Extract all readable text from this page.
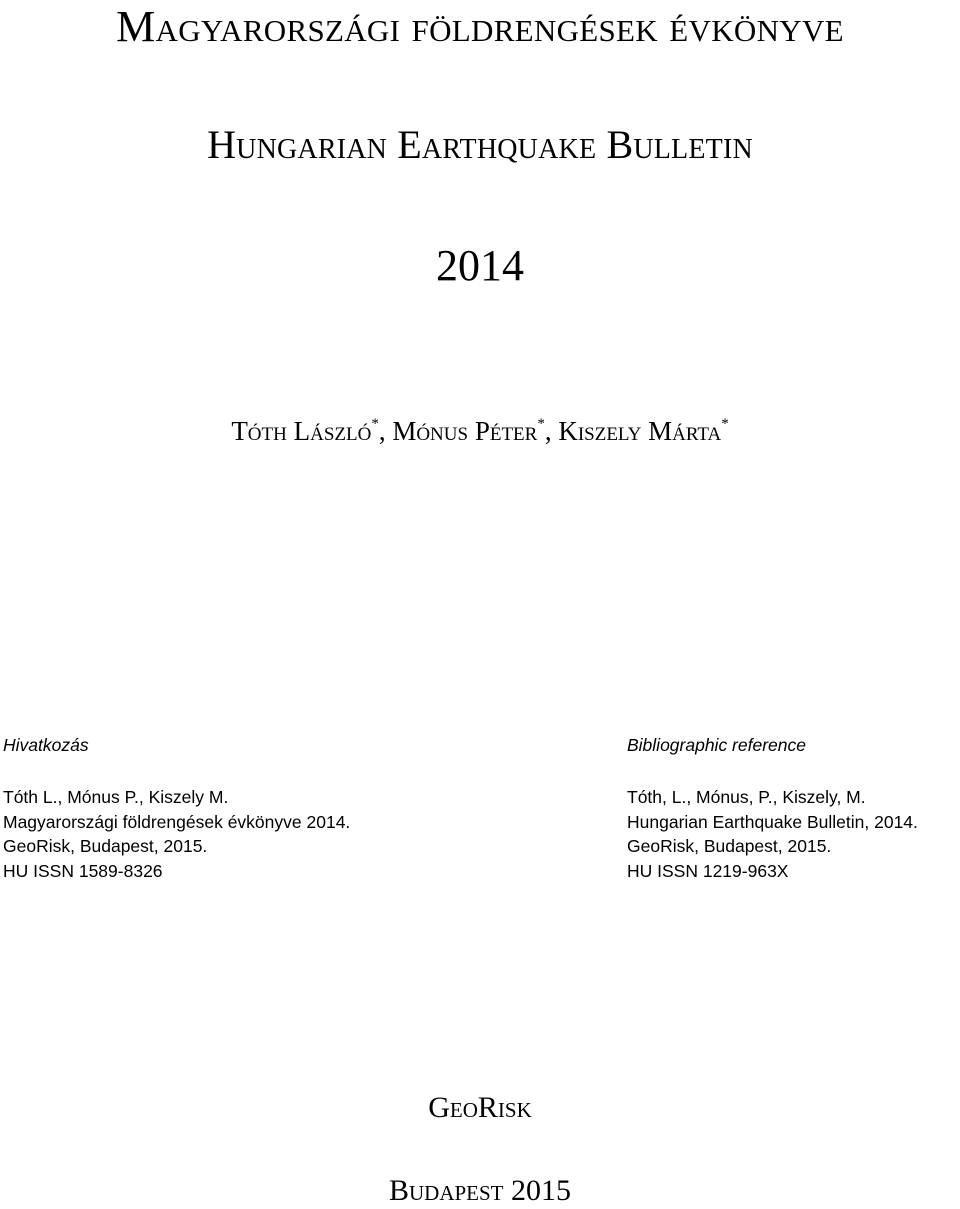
Magyarországi földrengések évkönyve
Hungarian Earthquake Bulletin
2014
Tóth László*, Mónus Péter*, Kiszely Márta*
Hivatkozás
Tóth L., Mónus P., Kiszely M.
Magyarországi földrengések évkönyve 2014.
GeoRisk, Budapest, 2015.
HU ISSN 1589-8326
Bibliographic reference
Tóth, L., Mónus, P., Kiszely, M.
Hungarian Earthquake Bulletin, 2014.
GeoRisk, Budapest, 2015.
HU ISSN 1219-963X
GeoRisk
Budapest 2015
